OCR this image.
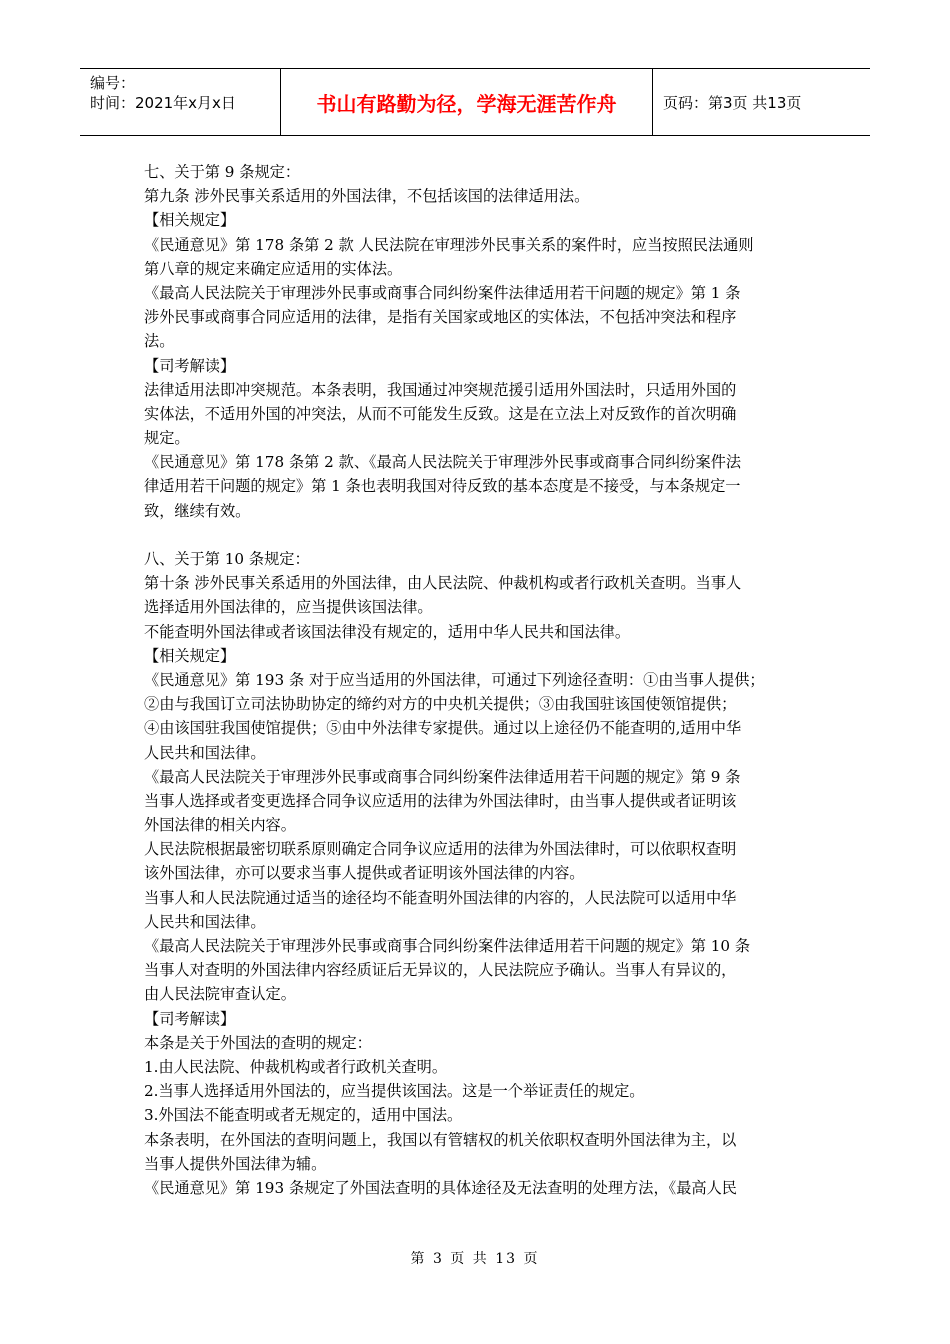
编号：
时间：2021年x月x日	书山有路勤为径，学海无涯苦作舟	页码：第3页 共13页
七、关于第 9 条规定：
第九条 涉外民事关系适用的外国法律，不包括该国的法律适用法。
【相关规定】
《民通意见》第 178 条第 2 款 人民法院在审理涉外民事关系的案件时，应当按照民法通则
第八章的规定来确定应适用的实体法。
《最高人民法院关于审理涉外民事或商事合同纠纷案件法律适用若干问题的规定》第 1 条
涉外民事或商事合同应适用的法律，是指有关国家或地区的实体法，不包括冲突法和程序
法。
【司考解读】
法律适用法即冲突规范。本条表明，我国通过冲突规范援引适用外国法时，只适用外国的
实体法，不适用外国的冲突法，从而不可能发生反致。这是在立法上对反致作的首次明确
规定。
《民通意见》第 178 条第 2 款、《最高人民法院关于审理涉外民事或商事合同纠纷案件法
律适用若干问题的规定》第 1 条也表明我国对待反致的基本态度是不接受，与本条规定一
致，继续有效。
八、关于第 10 条规定：
第十条 涉外民事关系适用的外国法律，由人民法院、仲裁机构或者行政机关查明。当事人
选择适用外国法律的，应当提供该国法律。
不能查明外国法律或者该国法律没有规定的，适用中华人民共和国法律。
【相关规定】
《民通意见》第 193 条 对于应当适用的外国法律，可通过下列途径查明：①由当事人提供；
②由与我国订立司法协助协定的缔约对方的中央机关提供；③由我国驻该国使领馆提供；
④由该国驻我国使馆提供；⑤由中外法律专家提供。通过以上途径仍不能查明的,适用中华
人民共和国法律。
《最高人民法院关于审理涉外民事或商事合同纠纷案件法律适用若干问题的规定》第 9 条
当事人选择或者变更选择合同争议应适用的法律为外国法律时，由当事人提供或者证明该
外国法律的相关内容。
人民法院根据最密切联系原则确定合同争议应适用的法律为外国法律时，可以依职权查明
该外国法律，亦可以要求当事人提供或者证明该外国法律的内容。
当事人和人民法院通过适当的途径均不能查明外国法律的内容的，人民法院可以适用中华
人民共和国法律。
《最高人民法院关于审理涉外民事或商事合同纠纷案件法律适用若干问题的规定》第 10 条
当事人对查明的外国法律内容经质证后无异议的，人民法院应予确认。当事人有异议的，
由人民法院审查认定。
【司考解读】
本条是关于外国法的查明的规定：
1.由人民法院、仲裁机构或者行政机关查明。
2.当事人选择适用外国法的，应当提供该国法。这是一个举证责任的规定。
3.外国法不能查明或者无规定的，适用中国法。
本条表明，在外国法的查明问题上，我国以有管辖权的机关依职权查明外国法律为主，以
当事人提供外国法律为辅。
《民通意见》第 193 条规定了外国法查明的具体途径及无法查明的处理方法，《最高人民
第 3 页 共 13 页
